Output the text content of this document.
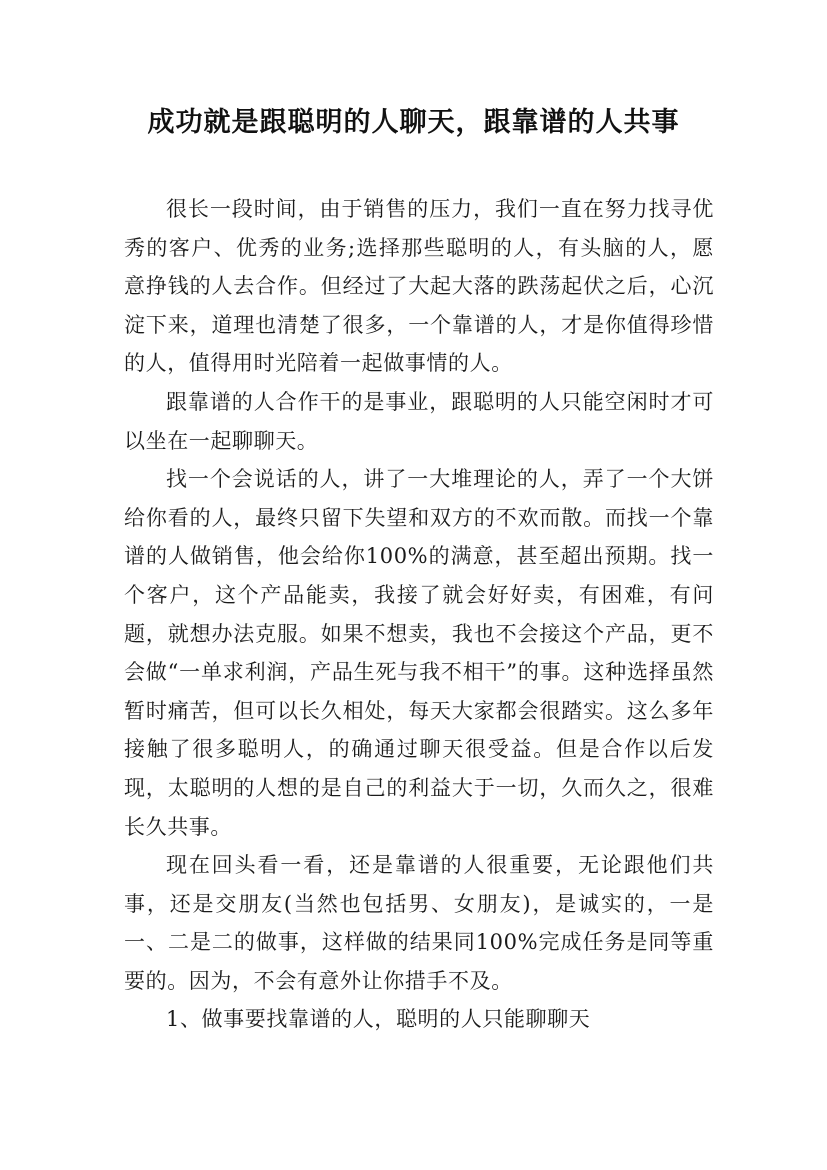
成功就是跟聪明的人聊天，跟靠谱的人共事

很长一段时间，由于销售的压力，我们一直在努力找寻优秀的客户、优秀的业务;选择那些聪明的人，有头脑的人，愿意挣钱的人去合作。但经过了大起大落的跌荡起伏之后，心沉淀下来，道理也清楚了很多，一个靠谱的人，才是你值得珍惜的人，值得用时光陪着一起做事情的人。

跟靠谱的人合作干的是事业，跟聪明的人只能空闲时才可以坐在一起聊聊天。

找一个会说话的人，讲了一大堆理论的人，弄了一个大饼给你看的人，最终只留下失望和双方的不欢而散。而找一个靠谱的人做销售，他会给你100%的满意，甚至超出预期。找一个客户，这个产品能卖，我接了就会好好卖，有困难，有问题，就想办法克服。如果不想卖，我也不会接这个产品，更不会做“一单求利润，产品生死与我不相干”的事。这种选择虽然暂时痛苦，但可以长久相处，每天大家都会很踏实。这么多年接触了很多聪明人，的确通过聊天很受益。但是合作以后发现，太聪明的人想的是自己的利益大于一切，久而久之，很难长久共事。

现在回头看一看，还是靠谱的人很重要，无论跟他们共事，还是交朋友(当然也包括男、女朋友)，是诚实的，一是一、二是二的做事，这样做的结果同100%完成任务是同等重要的。因为，不会有意外让你措手不及。

1、做事要找靠谱的人，聪明的人只能聊聊天
